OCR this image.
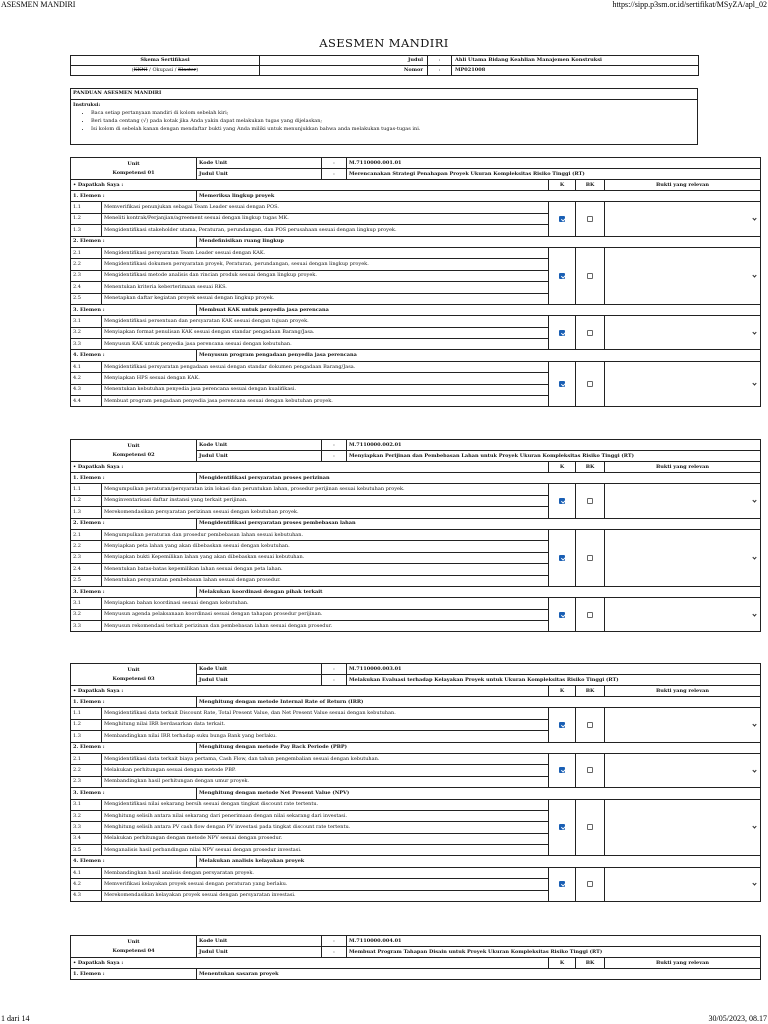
ASESMEN MANDIRI	https://sipp.p3sm.or.id/sertifikat/MSyZA/apl_02
ASESMEN MANDIRI
Skema Sertifikasi	Judul	:	Ahli Utama Bidang Keahlian Manajemen Konstruksi
(KKNI / Okupasi / Klaster)	Nomor	:	MP021008
PANDUAN ASESMEN MANDIRI
Instruksi:
• Baca setiap pertanyaan mandiri di kolom sebelah kiri;
• Beri tanda centang (√) pada kotak jika Anda yakin dapat melakukan tugas yang dijelaskan;
• Isi kolom di sebelah kanan dengan mendaftar bukti yang Anda miliki untuk menunjukkan bahwa anda melakukan tugas-tugas ini.
Unit
Kompetensi 01		Kode Unit	:	M.7110000.001.01			
		Judul Unit	:	Merencanakan Strategi Penahapan Proyek Ukuran Kompleksitas Risiko Tinggi (RT)			
• Dapatkah Saya :					K	BK	Bukti yang relevan
1. Elemen :		Memeriksa lingkup proyek					
1.1	Memverifikasi penunjukan sebagai Team Leader sesuai dengan POS.						

1.2	Meneliti kontrak/Perjanjian/agreement sesuai dengan lingkup tugas MK.						
1.3	Mengidentifikasi stakeholder utama, Peraturan, perundangan, dan POS perusahaan sesuai dengan lingkup proyek.						
2. Elemen :		Mendefinisikan ruang lingkup					
2.1	Mengidentifikasi persyaratan Team Leader sesuai dengan KAK.						

2.2	Mengidentifikasi dokumen persyaratan proyek, Peraturan, perundangan, sesuai dengan lingkup proyek.						
2.3	Mengidentifikasi metode analisis dan rincian produk sesuai dengan lingkup proyek.						
2.4	Menentukan kriteria keberterimaan sesuai RKS.						
2.5	Menetapkan daftar kegiatan proyek sesuai dengan lingkup proyek.						
3. Elemen :		Membuat KAK untuk penyedia jasa perencana					
3.1	Mengidentifikasi persentuan dan persyaratan KAK sesuai dengan tujuan proyek.						

3.2	Menyiapkan format penulisan KAK sesuai dengan standar pengadaan Barang/Jasa.						
3.3	Menyusun KAK untuk penyedia jasa perencana sesuai dengan kebutuhan.						
4. Elemen :		Menyusun program pengadaan penyedia jasa perencana					
4.1	Mengidentifikasi persyaratan pengadaan sesuai dengan standar dokumen pengadaan Barang/Jasa.						

4.2	Menyiapkan HPS sesuai dengan KAK.						
4.3	Menentukan kebutuhan penyedia jasa perencana sesuai dengan kualifikasi.						
4.4	Membuat program pengadaan penyedia jasa perencana sesuai dengan kebutuhan proyek.						
Unit
Kompetensi 02		Kode Unit	:	M.7110000.002.01			
		Judul Unit	:	Menyiapkan Perijinan dan Pembebasan Lahan untuk Proyek Ukuran Kompleksitas Risiko Tinggi (RT)			
• Dapatkah Saya :					K	BK	Bukti yang relevan
1. Elemen :		Mengidentifikasi persyaratan proses perizinan					
1.1	Mengumpulkan peraturan/persyaratan izin lokasi dan peruntukan lahan, prosedur perijinan sesuai kebutuhan proyek.						

1.2	Menginventarisasi daftar instansi yang terkait perijinan.						
1.3	Merekomendasikan persyaratan perizinan sesuai dengan kebutuhan proyek.						
2. Elemen :		Mengidentifikasi persyaratan proses pembebasan lahan					
2.1	Mengumpulkan peraturan dan prosedur pembebasan lahan sesuai kebutuhan.						

2.2	Menyiapkan peta lahan yang akan dibebaskan sesuai dengan kebutuhan.						
2.3	Menyiapkan bukti Kepemilikan lahan yang akan dibebaskan sesuai kebutuhan.						
2.4	Menentukan batas-batas kepemilikan lahan sesuai dengan peta lahan.						
2.5	Menentukan persyaratan pembebasan lahan sesuai dengan prosedur.						
3. Elemen :		Melakukan koordinasi dengan pihak terkait					
3.1	Menyiapkan bahan koordinasi sesuai dengan kebutuhan.						

3.2	Menyusun agenda pelaksanaan koordinasi sesuai dengan tahapan prosedur perijinan.						
3.3	Menyusun rekomendasi terkait perizinan dan pembebasan lahan sesuai dengan prosedur.						
Unit
Kompetensi 03		Kode Unit	:	M.7110000.003.01			
		Judul Unit	:	Melakukan Evaluasi terhadap Kelayakan Proyek untuk Ukuran Kompleksitas Risiko Tinggi (RT)			
• Dapatkah Saya :					K	BK	Bukti yang relevan
1. Elemen :		Menghitung dengan metode Internal Rate of Return (IRR)					
1.1	Mengidentifikasi data terkait Discount Rate, Total Present Value, dan Net Present Value sesuai dengan kebutuhan.						

1.2	Menghitung nilai IRR berdasarkan data terkait.						
1.3	Membandingkan nilai IRR terhadap suku bunga Bank yang berlaku.						
2. Elemen :		Menghitung dengan metode Pay Back Periode (PBP)					
2.1	Mengidentifikasi data terkait biaya pertama, Cash Flow, dan tahun pengembalian sesuai dengan kebutuhan.						

2.2	Melakukan perhitungan sesuai dengan metode PBP.						
2.3	Membandingkan hasil perhitungan dengan umur proyek.						
3. Elemen :		Menghitung dengan metode Net Present Value (NPV)					
3.1	Mengidentifikasi nilai sekarang bersih sesuai dengan tingkat discount rate tertentu.						

3.2	Menghitung selisih antara nilai sekarang dari penerimaan dengan nilai sekarang dari investasi.						
3.3	Menghitung selisih antara PV cash flow dengan PV investasi pada tingkat discount rate tertentu.						
3.4	Melakukan perhitungan dengan metode NPV sesuai dengan prosedur.						
3.5	Menganalisis hasil perbandingan nilai NPV sesuai dengan prosedur investasi.						
4. Elemen :		Melakukan analisis kelayakan proyek					
4.1	Membandingkan hasil analisis dengan persyaratan proyek.						

4.2	Memverifikasi kelayakan proyek sesuai dengan peraturan yang berlaku.						
4.3	Merekomendasikan kelayakan proyek sesuai dengan persyaratan investasi.						
Unit
Kompetensi 04	Kode Unit	:	M.7110000.004.01			
	Judul Unit	:	Membuat Program Tahapan Disain untuk Proyek Ukuran Kompleksitas Risiko Tinggi (RT)			
• Dapatkah Saya :				K	BK	Bukti yang relevan
1. Elemen :	Menentukan sasaran proyek					
1 dari 14	30/05/2023, 08.17
